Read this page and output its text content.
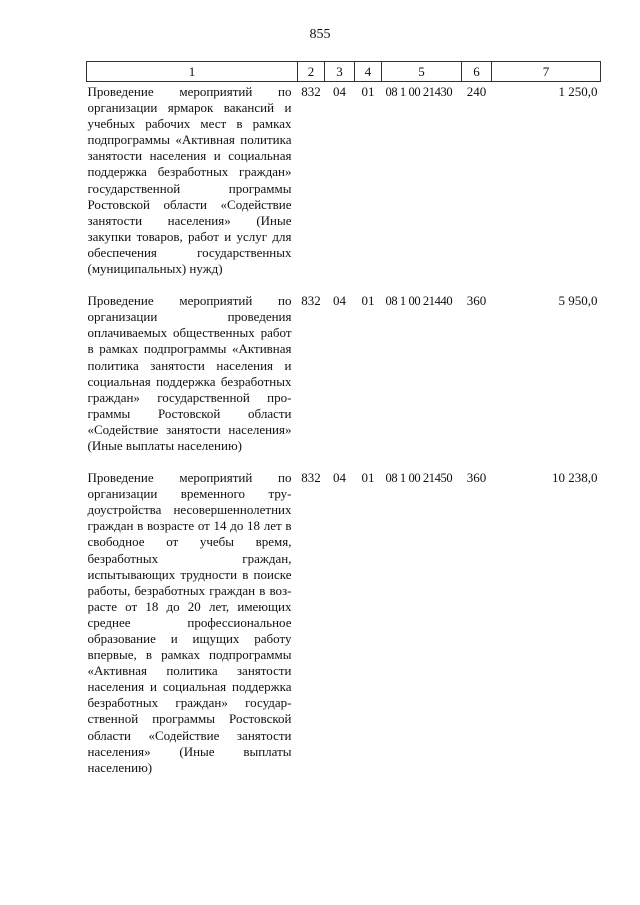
855
1	2	3	4	5	6	7
Проведение мероприятий по организации ярмарок вакансий и учебных рабочих мест в рамках подпрограммы «Активная политика занятости населения и социальная поддержка безработных граждан» государственной программы Ростовской области «Содействие занятости населения» (Иные закупки товаров, работ и услуг для обеспечения государственных (муниципальных) нужд)	832	04	01	08 1 00 21430	240	1 250,0

Проведение мероприятий по организации проведения оплачиваемых общественных работ в рамках подпрограммы «Активная политика занятости населения и социальная поддержка безработных граждан» государственной программы Ростовской области «Содействие занятости населения» (Иные выплаты населению)	832	04	01	08 1 00 21440	360	5 950,0

Проведение мероприятий по организации временного трудоустройства несовершеннолетних граждан в возрасте от 14 до 18 лет в свободное от учебы время, безработных граждан, испытывающих трудности в поиске работы, безработных граждан в возрасте от 18 до 20 лет, имеющих среднее профессиональное образование и ищущих работу впервые, в рамках подпрограммы «Активная политика занятости населения и социальная поддержка безработных граждан» государственной программы Ростовской области «Содействие занятости населения» (Иные выплаты населению)	832	04	01	08 1 00 21450	360	10 238,0
